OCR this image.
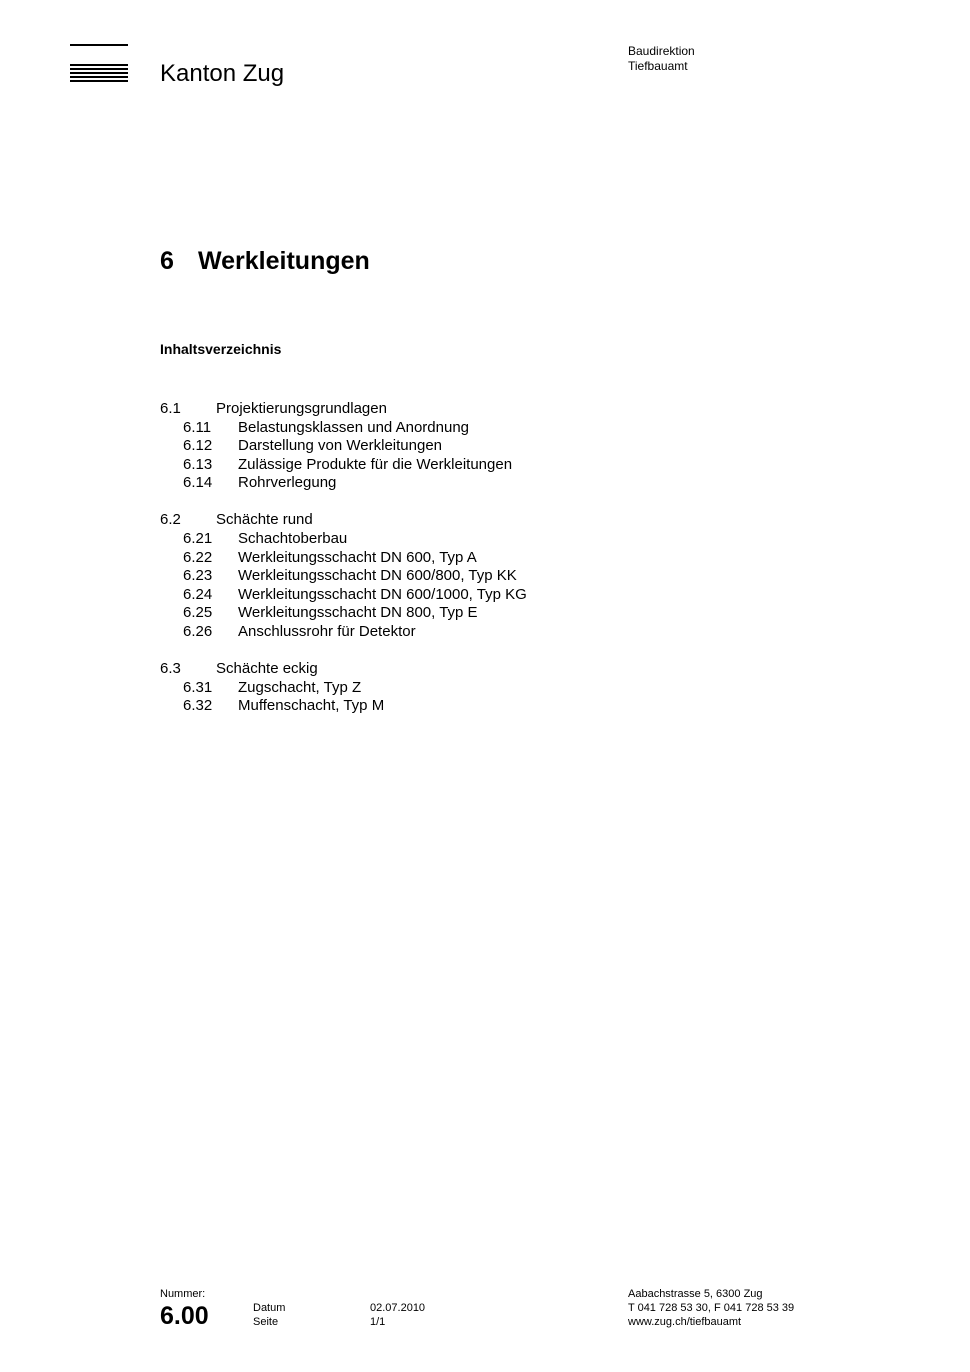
Kanton Zug
Baudirektion
Tiefbauamt
6 Werkleitungen
Inhaltsverzeichnis
6.1 Projektierungsgrundlagen
6.11 Belastungsklassen und Anordnung
6.12 Darstellung von Werkleitungen
6.13 Zulässige Produkte für die Werkleitungen
6.14 Rohrverlegung
6.2 Schächte rund
6.21 Schachtoberbau
6.22 Werkleitungsschacht DN 600, Typ A
6.23 Werkleitungsschacht DN 600/800, Typ KK
6.24 Werkleitungsschacht DN 600/1000, Typ KG
6.25 Werkleitungsschacht DN 800, Typ E
6.26 Anschlussrohr für Detektor
6.3 Schächte eckig
6.31 Zugschacht, Typ Z
6.32 Muffenschacht, Typ M
Nummer:
6.00	Datum	02.07.2010
Seite	1/1
Aabachstrasse 5, 6300 Zug
T 041 728 53 30, F 041 728 53 39
www.zug.ch/tiefbauamt
